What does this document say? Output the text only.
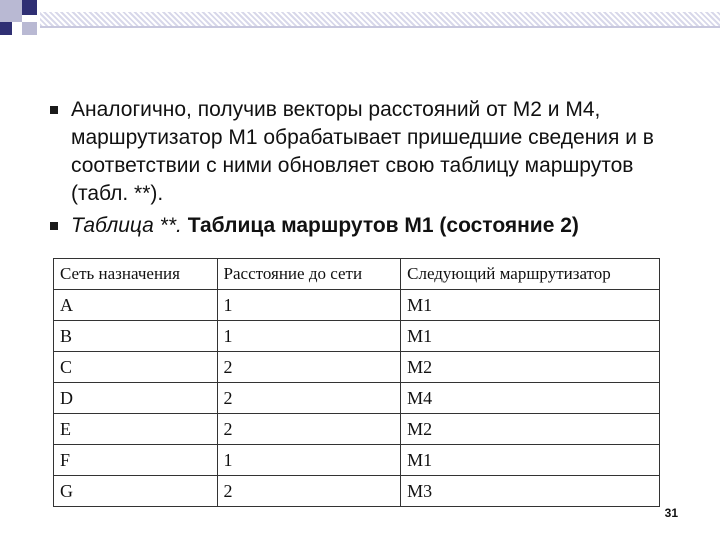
Аналогично, получив векторы расстояний от М2 и М4, маршрутизатор М1 обрабатывает пришедшие сведения и в соответствии с ними обновляет свою таблицу маршрутов (табл. **).
Таблица **. Таблица маршрутов М1 (состояние 2)
Сеть назначения	Расстояние до сети	Следующий маршрутизатор
A	1	M1
B	1	M1
C	2	M2
D	2	M4
E	2	M2
F	1	M1
G	2	M3
31
